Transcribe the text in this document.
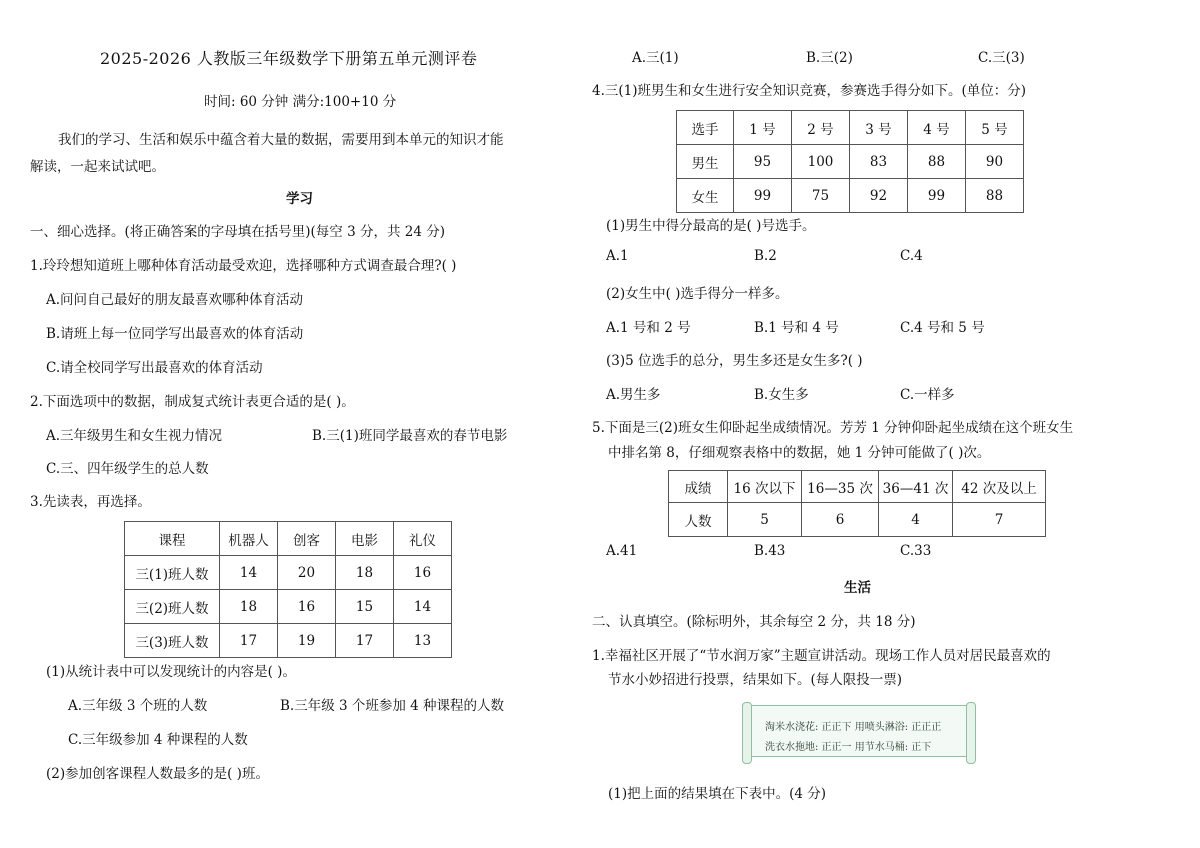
2025-2026 人教版三年级数学下册第五单元测评卷
时间: 60 分钟 满分:100+10 分
我们的学习、生活和娱乐中蕴含着大量的数据，需要用到本单元的知识才能
解读，一起来试试吧。
学习
一、细心选择。(将正确答案的字母填在括号里)(每空 3 分，共 24 分)
1.玲玲想知道班上哪种体育活动最受欢迎，选择哪种方式调查最合理?( )
A.问问自己最好的朋友最喜欢哪种体育活动
B.请班上每一位同学写出最喜欢的体育活动
C.请全校同学写出最喜欢的体育活动
2.下面选项中的数据，制成复式统计表更合适的是( )。
A.三年级男生和女生视力情况	B.三(1)班同学最喜欢的春节电影
C.三、四年级学生的总人数
3.先读表，再选择。
课程	机器人	创客	电影	礼仪
三(1)班人数	14	20	18	16
三(2)班人数	18	16	15	14
三(3)班人数	17	19	17	13
(1)从统计表中可以发现统计的内容是( )。
A.三年级 3 个班的人数	B.三年级 3 个班参加 4 种课程的人数
C.三年级参加 4 种课程的人数
(2)参加创客课程人数最多的是( )班。
A.三(1)	B.三(2)	C.三(3)
4.三(1)班男生和女生进行安全知识竞赛，参赛选手得分如下。(单位：分)
选手	1 号	2 号	3 号	4 号	5 号
男生	95	100	83	88	90
女生	99	75	92	99	88
(1)男生中得分最高的是( )号选手。
A.1	B.2	C.4
(2)女生中( )选手得分一样多。
A.1 号和 2 号	B.1 号和 4 号	C.4 号和 5 号
(3)5 位选手的总分，男生多还是女生多?( )
A.男生多	B.女生多	C.一样多
5.下面是三(2)班女生仰卧起坐成绩情况。芳芳 1 分钟仰卧起坐成绩在这个班女生
中排名第 8，仔细观察表格中的数据，她 1 分钟可能做了( )次。
成绩	16 次以下	16—35 次	36—41 次	42 次及以上
人数	5	6	4	7
A.41	B.43	C.33
生活
二、认真填空。(除标明外，其余每空 2 分，共 18 分)
1.幸福社区开展了“节水润万家”主题宣讲活动。现场工作人员对居民最喜欢的
节水小妙招进行投票，结果如下。(每人限投一票)
淘米水浇花: 正正下 用喷头淋浴: 正正正
洗衣水拖地: 正正一 用节水马桶: 正下
(1)把上面的结果填在下表中。(4 分)
